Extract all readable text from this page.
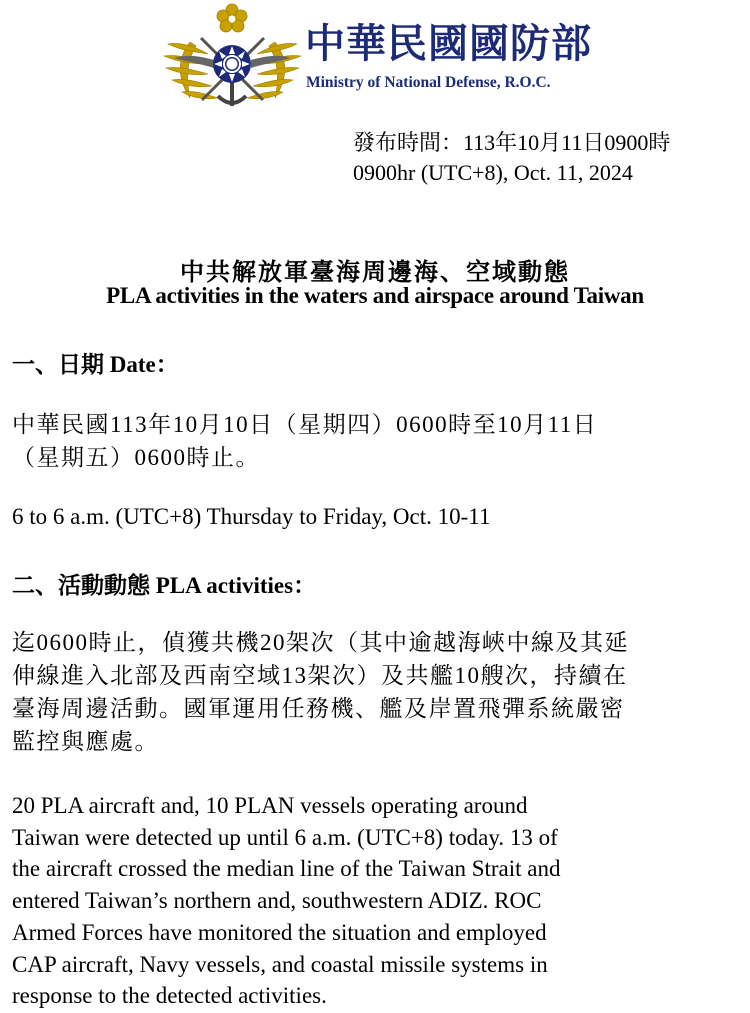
中華民國國防部
Ministry of National Defense, R.O.C.
發布時間：113年10月11日0900時
0900hr (UTC+8), Oct. 11, 2024
中共解放軍臺海周邊海、空域動態
PLA activities in the waters and airspace around Taiwan
一、日期 Date：
中華民國113年10月10日（星期四）0600時至10月11日
（星期五）0600時止。
6 to 6 a.m. (UTC+8) Thursday to Friday, Oct. 10-11
二、活動動態 PLA activities：
迄0600時止，偵獲共機20架次（其中逾越海峽中線及其延
伸線進入北部及西南空域13架次）及共艦10艘次，持續在
臺海周邊活動。國軍運用任務機、艦及岸置飛彈系統嚴密
監控與應處。
20 PLA aircraft and, 10 PLAN vessels operating around
Taiwan were detected up until 6 a.m. (UTC+8) today. 13 of
the aircraft crossed the median line of the Taiwan Strait and
entered Taiwan’s northern and, southwestern ADIZ. ROC
Armed Forces have monitored the situation and employed
CAP aircraft, Navy vessels, and coastal missile systems in
response to the detected activities.
